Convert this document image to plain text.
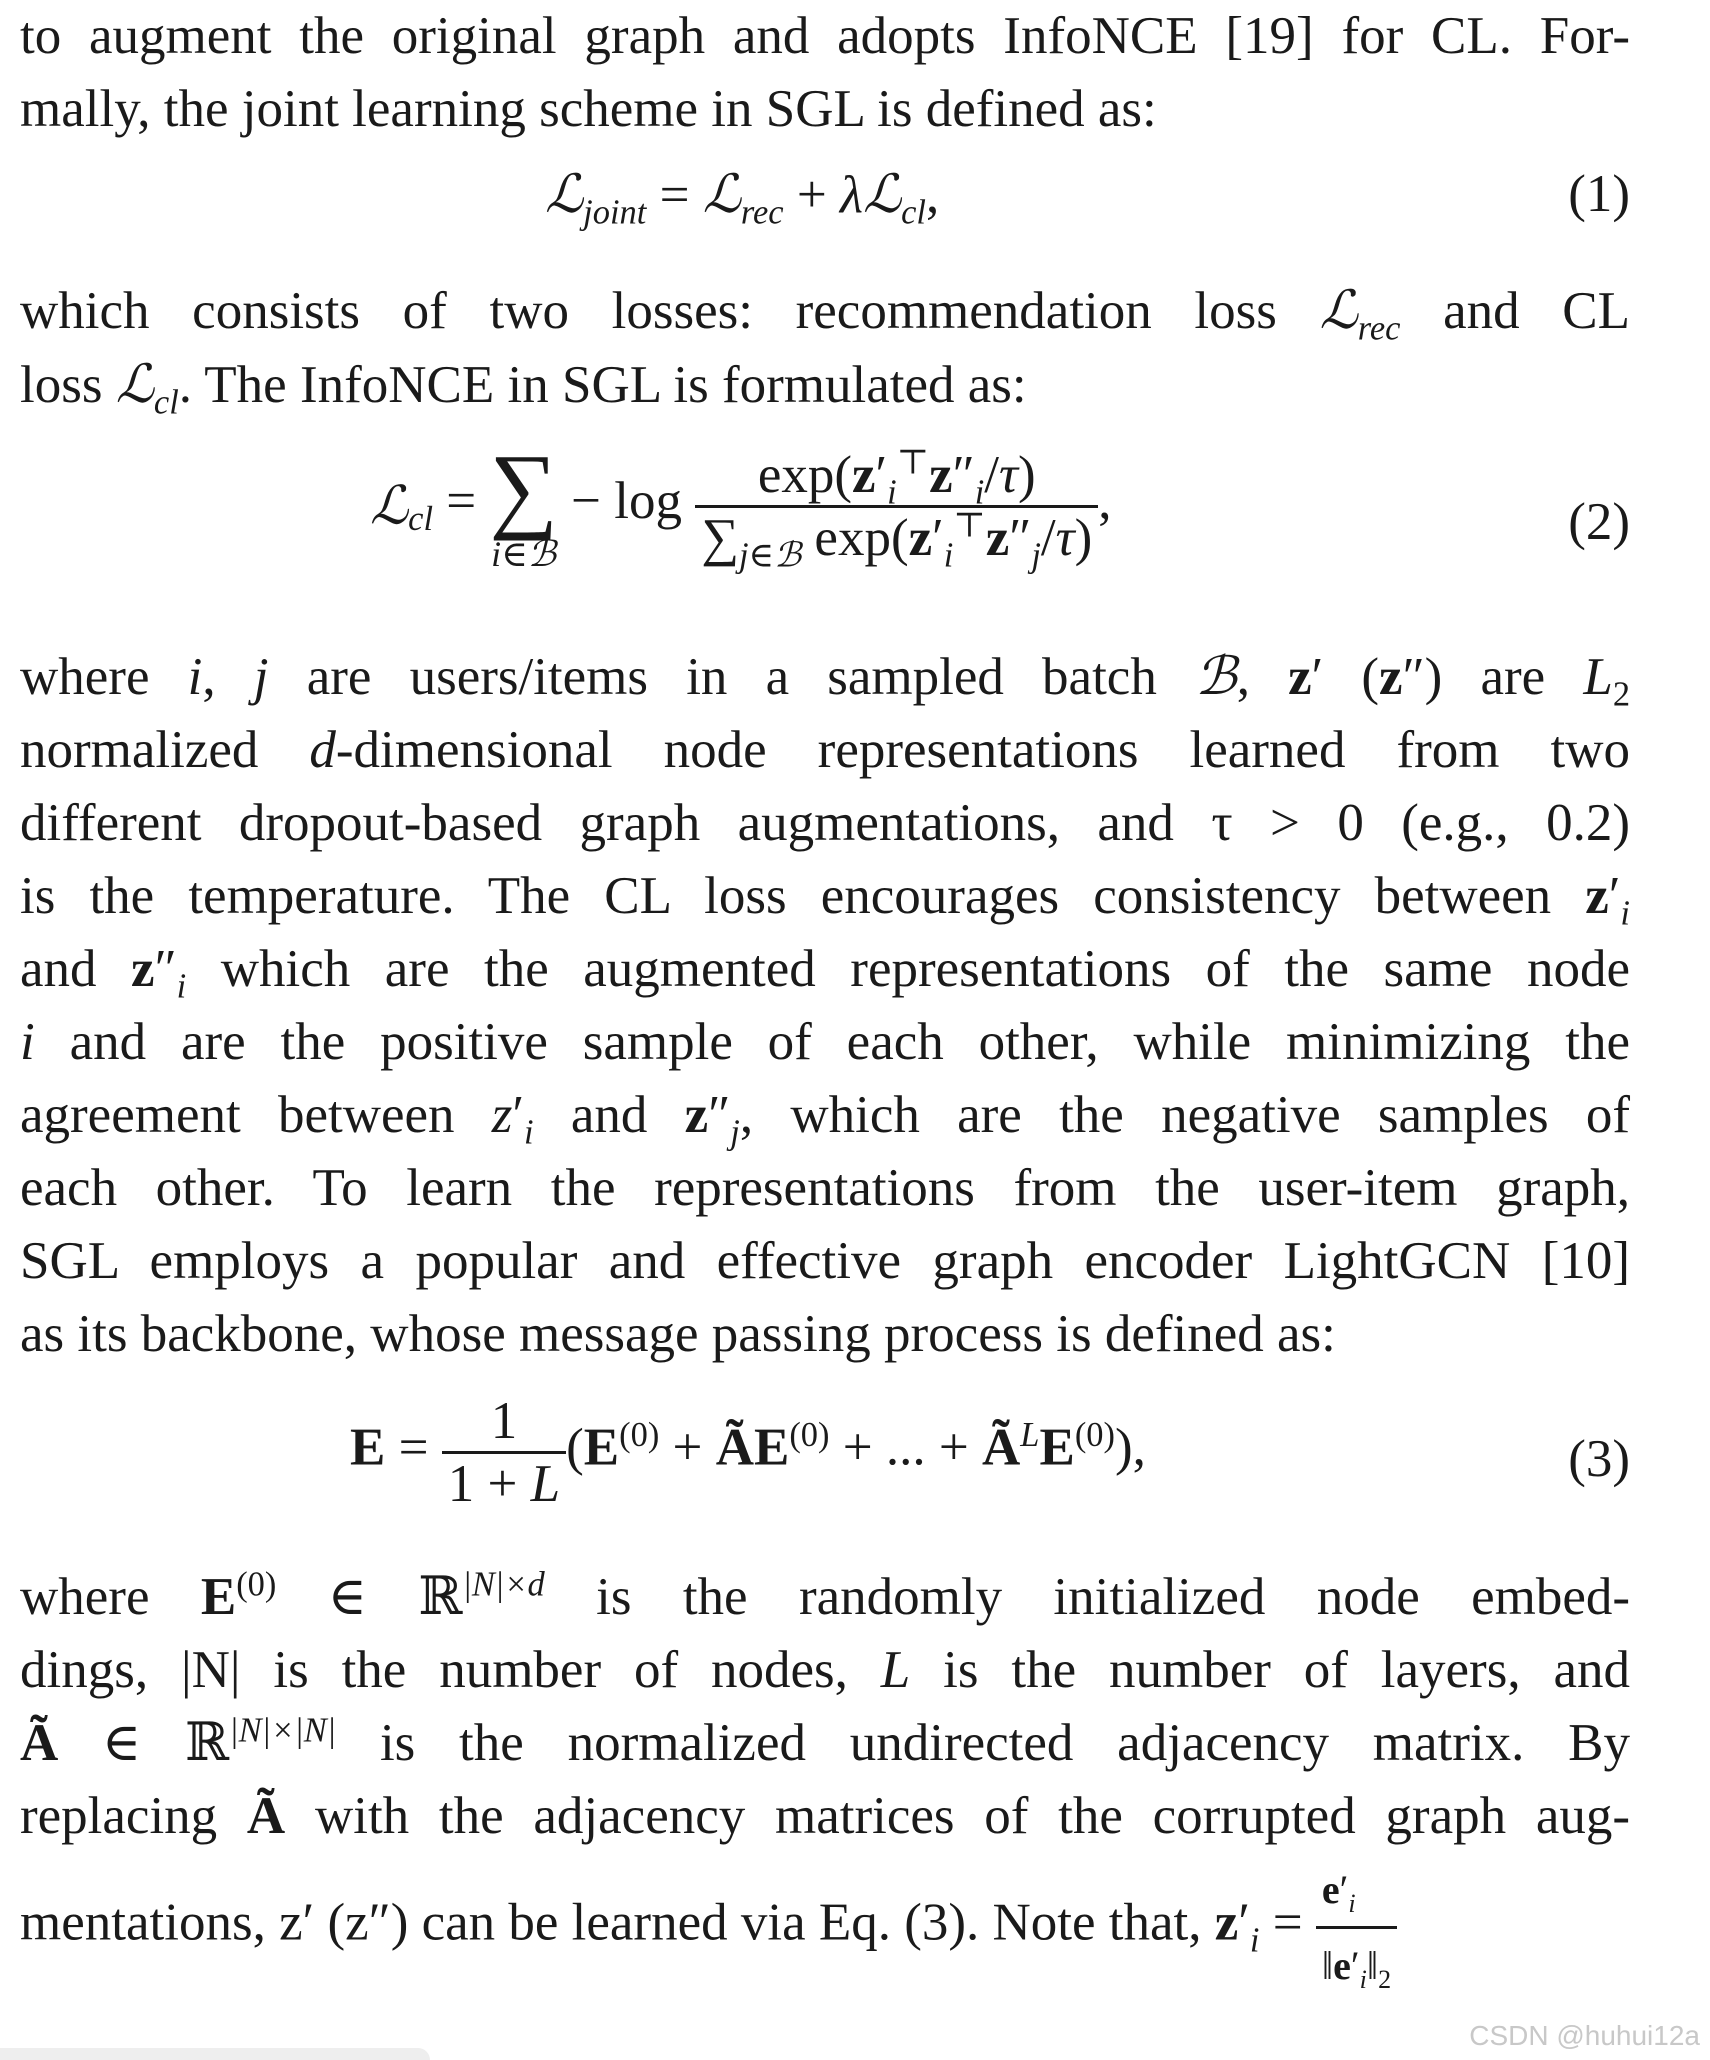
to augment the original graph and adopts InfoNCE [19] for CL. For-
mally, the joint learning scheme in SGL is defined as:

ℒ$_{joint}$ = ℒ$_{rec}$ + λℒ$_{cl}$,	(1)

which consists of two losses: recommendation loss ℒ$_{rec}$ and CL
loss ℒ$_{cl}$. The InfoNCE in SGL is formulated as:

ℒ$_{cl}$ = ∑
i∈ℬ
− $\log \frac{\exp(z'_i^⊤z''_i/\tau)}{\sum_{j\in ℬ} \exp(z'_i^⊤z''_j/\tau)}$ ,	(2)

where i, j are users/items in a sampled batch ℬ, z′ (z″) are $L_2$
normalized d-dimensional node representations learned from two
different dropout-based graph augmentations, and τ > 0 (e.g., 0.2)
is the temperature. The CL loss encourages consistency between $z'_i$
and $z''_i$ which are the augmented representations of the same node
i and are the positive sample of each other, while minimizing the
agreement between $z'_i$ and $z''_j$, which are the negative samples of
each other. To learn the representations from the user-item graph,
SGL employs a popular and effective graph encoder LightGCN [10]
as its backbone, whose message passing process is defined as:

$E = \frac{1}{1 + L} (E^{(0)}$ + $ÃE^{(0)}$ + ... + $Ã^LE^{(0)}$),	(3)

where $E^{(0)}$ ∈ ℝ$^{|N|\times d}$ is the randomly initialized node embed-
dings, |N| is the number of nodes, L is the number of layers, and
Ã ∈ ℝ$^{|N|\times|N|}$ is the normalized undirected adjacency matrix. By
replacing Ã with the adjacency matrices of the corrupted graph aug-
mentations, z′ (z″) can be learned via Eq. (3). Note that, $z'_i = \frac{e'_i}{‖e'_i‖_2}$

CSDN @huhui12a
